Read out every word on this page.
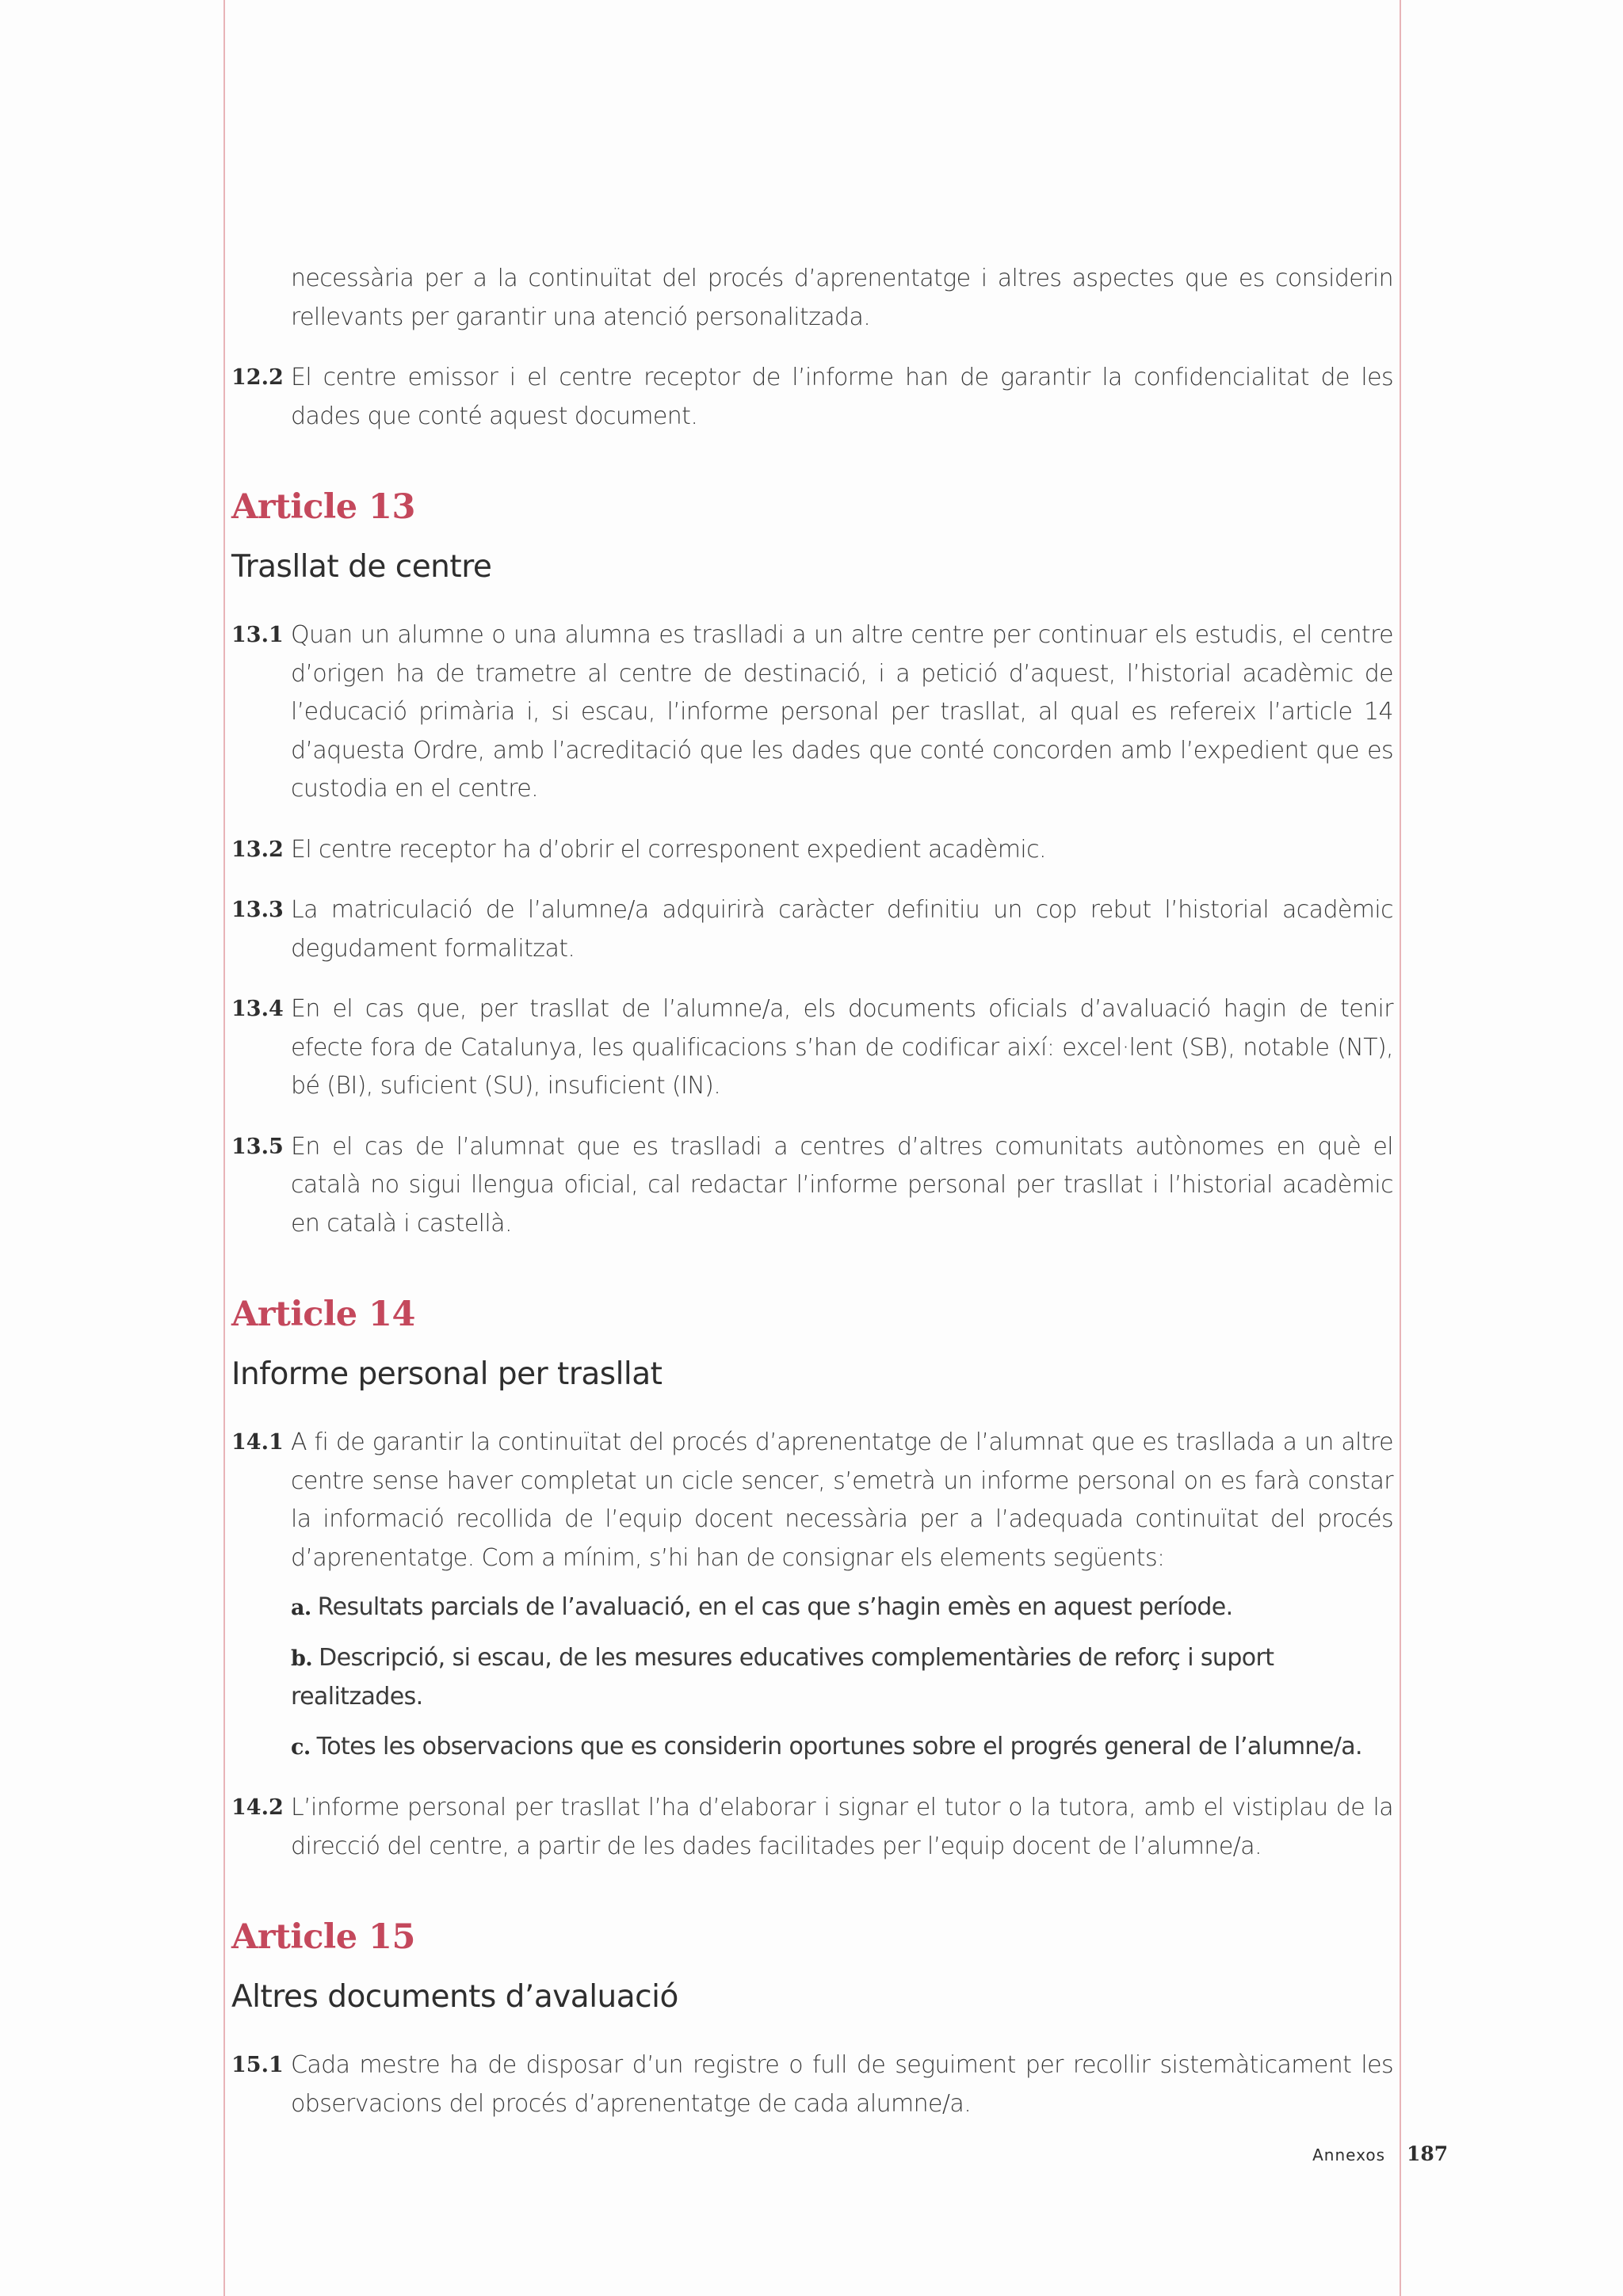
necessària per a la continuïtat del procés d’aprenentatge i altres aspectes que es considerin rellevants per garantir una atenció personalitzada.
12.2 El centre emissor i el centre receptor de l’informe han de garantir la confidencialitat de les dades que conté aquest document.
Article 13
Trasllat de centre
13.1 Quan un alumne o una alumna es traslladi a un altre centre per continuar els estudis, el centre d’origen ha de trametre al centre de destinació, i a petició d’aquest, l’historial acadèmic de l’educació primària i, si escau, l’informe personal per trasllat, al qual es refereix l’article 14 d’aquesta Ordre, amb l’acreditació que les dades que conté concorden amb l’expedient que es custodia en el centre.
13.2 El centre receptor ha d’obrir el corresponent expedient acadèmic.
13.3 La matriculació de l’alumne/a adquirirà caràcter definitiu un cop rebut l’historial acadèmic degudament formalitzat.
13.4 En el cas que, per trasllat de l’alumne/a, els documents oficials d’avaluació hagin de tenir efecte fora de Catalunya, les qualificacions s’han de codificar així: excel·lent (SB), notable (NT), bé (BI), suficient (SU), insuficient (IN).
13.5 En el cas de l’alumnat que es traslladi a centres d’altres comunitats autònomes en què el català no sigui llengua oficial, cal redactar l’informe personal per trasllat i l’historial acadèmic en català i castellà.
Article 14
Informe personal per trasllat
14.1 A fi de garantir la continuïtat del procés d’aprenentatge de l’alumnat que es trasllada a un altre centre sense haver completat un cicle sencer, s’emetrà un informe personal on es farà constar la informació recollida de l’equip docent necessària per a l’adequada continuïtat del procés d’aprenentatge. Com a mínim, s’hi han de consignar els elements següents:
a. Resultats parcials de l’avaluació, en el cas que s’hagin emès en aquest període.
b. Descripció, si escau, de les mesures educatives complementàries de reforç i suport realitzades.
c. Totes les observacions que es considerin oportunes sobre el progrés general de l’alumne/a.
14.2 L’informe personal per trasllat l’ha d’elaborar i signar el tutor o la tutora, amb el vistiplau de la direcció del centre, a partir de les dades facilitades per l’equip docent de l’alumne/a.
Article 15
Altres documents d’avaluació
15.1 Cada mestre ha de disposar d’un registre o full de seguiment per recollir sistemàticament les observacions del procés d’aprenentatge de cada alumne/a.
Annexos 187
